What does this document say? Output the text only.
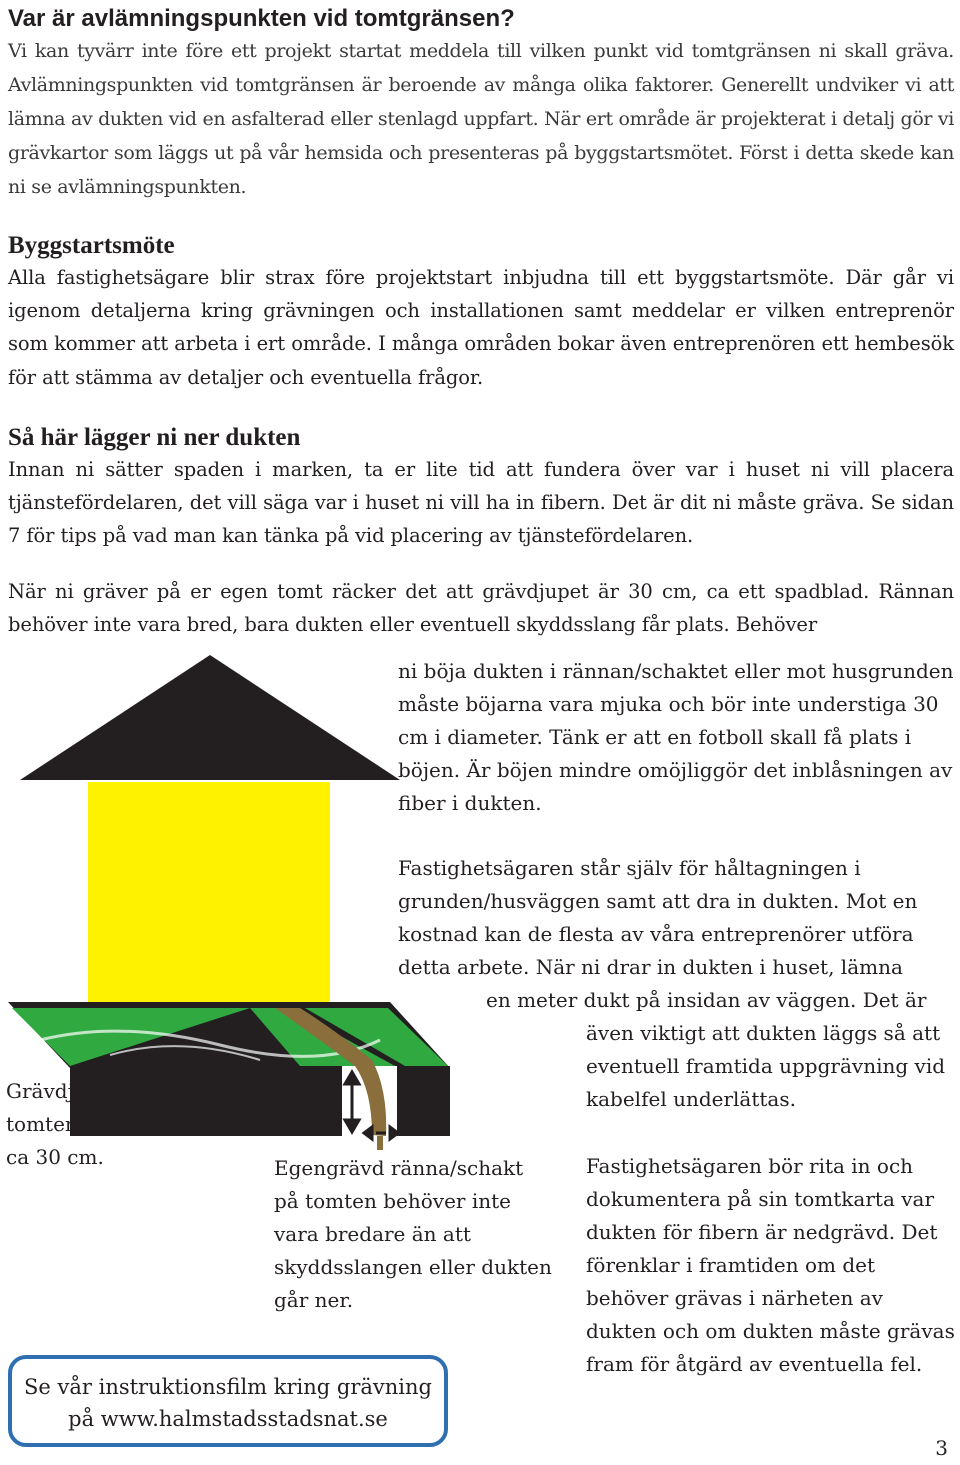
Var är avlämningspunkten vid tomtgränsen?

Vi kan tyvärr inte före ett projekt startat meddela till vilken punkt vid tomtgränsen ni skall gräva. Avlämningspunkten vid tomtgränsen är beroende av många olika faktorer. Generellt undviker vi att lämna av dukten vid en asfalterad eller stenlagd uppfart. När ert område är projekterat i detalj gör vi grävkartor som läggs ut på vår hemsida och presenteras på byggstartsmötet. Först i detta skede kan ni se avlämningspunkten.

Byggstartsmöte

Alla fastighetsägare blir strax före projektstart inbjudna till ett byggstartsmöte. Där går vi igenom detaljerna kring grävningen och installationen samt meddelar er vilken entreprenör som kommer att arbeta i ert område. I många områden bokar även entreprenören ett hembesök för att stämma av detaljer och eventuella frågor.

Så här lägger ni ner dukten

Innan ni sätter spaden i marken, ta er lite tid att fundera över var i huset ni vill placera tjänstefördelaren, det vill säga var i huset ni vill ha in fibern. Det är dit ni måste gräva. Se sidan 7 för tips på vad man kan tänka på vid placering av tjänstefördelaren.

När ni gräver på er egen tomt räcker det att grävdjupet är 30 cm, ca ett spadblad. Rännan behöver inte vara bred, bara dukten eller eventuell skyddsslang får plats. Behöver

ni böja dukten i rännan/schaktet eller mot husgrunden måste böjarna vara mjuka och bör inte understiga 30 cm i diameter. Tänk er att en fotboll skall få plats i böjen. Är böjen mindre omöjliggör det inblåsningen av fiber i dukten.

Fastighetsägaren står själv för håltagningen i grunden/husväggen samt att dra in dukten. Mot en kostnad kan de flesta av våra entreprenörer utföra detta arbete. När ni drar in dukten i huset, lämna

en meter dukt på insidan av väggen. Det är

även viktigt att dukten läggs så att eventuell framtida uppgrävning vid kabelfel underlättas.

Fastighetsägaren bör rita in och dokumentera på sin tomtkarta var dukten för fibern är nedgrävd. Det förenklar i framtiden om det behöver grävas i närheten av dukten och om dukten måste grävas fram för åtgärd av eventuella fel.

Grävdjupet på tomten ska vara ca 30 cm.	Egengrävd ränna/schakt på tomten behöver inte vara bredare än att skyddsslangen eller dukten går ner.

Se vår instruktionsfilm kring grävning
på www.halmstadsstadsnat.se
3
